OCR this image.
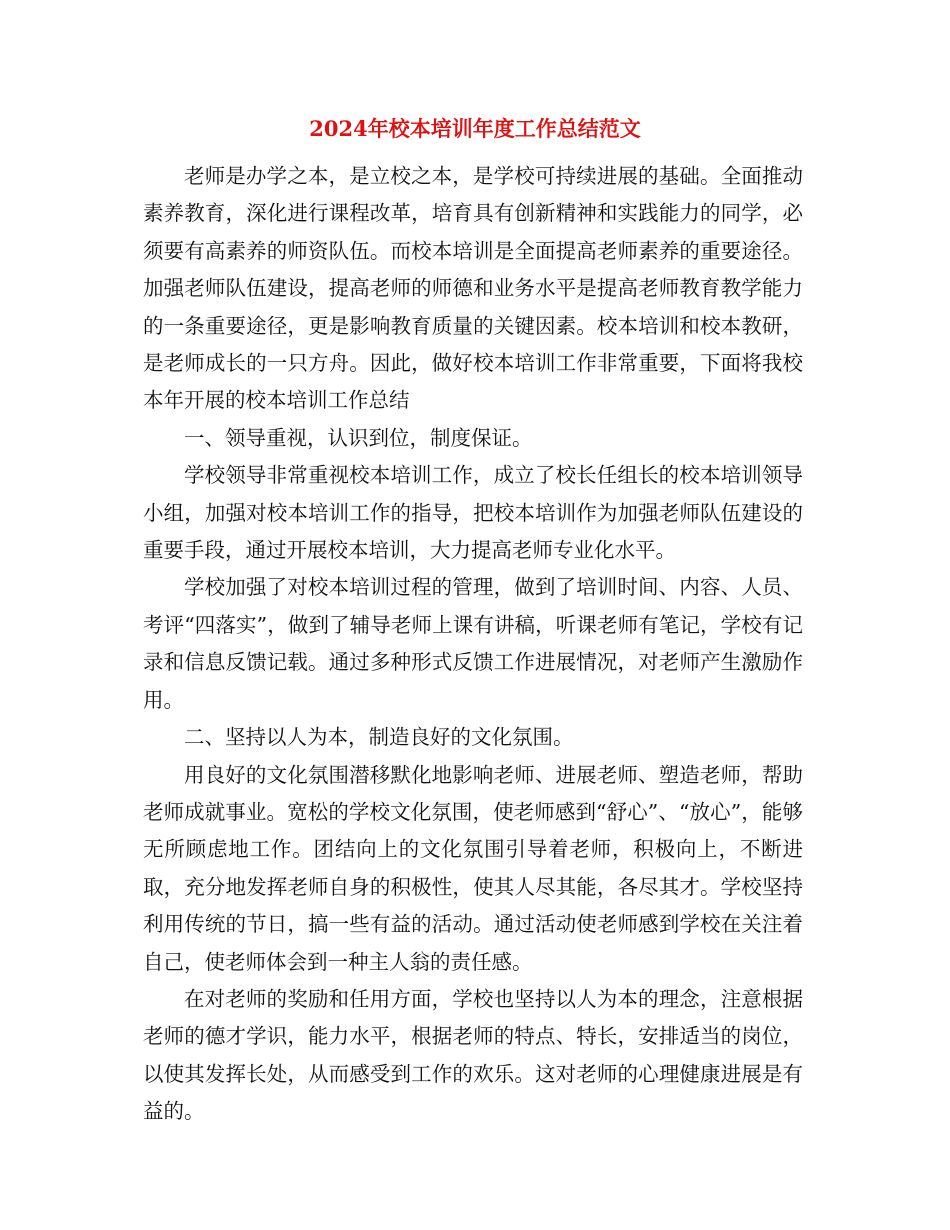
2024年校本培训年度工作总结范文

老师是办学之本，是立校之本，是学校可持续进展的基础。全面推动素养教育，深化进行课程改革，培育具有创新精神和实践能力的同学，必须要有高素养的师资队伍。而校本培训是全面提高老师素养的重要途径。加强老师队伍建设，提高老师的师德和业务水平是提高老师教育教学能力的一条重要途径，更是影响教育质量的关键因素。校本培训和校本教研，是老师成长的一只方舟。因此，做好校本培训工作非常重要，下面将我校本年开展的校本培训工作总结

一、领导重视，认识到位，制度保证。

学校领导非常重视校本培训工作，成立了校长任组长的校本培训领导小组，加强对校本培训工作的指导，把校本培训作为加强老师队伍建设的重要手段，通过开展校本培训，大力提高老师专业化水平。

学校加强了对校本培训过程的管理，做到了培训时间、内容、人员、考评“四落实”，做到了辅导老师上课有讲稿，听课老师有笔记，学校有记录和信息反馈记载。通过多种形式反馈工作进展情况，对老师产生激励作用。

二、坚持以人为本，制造良好的文化氛围。

用良好的文化氛围潜移默化地影响老师、进展老师、塑造老师，帮助老师成就事业。宽松的学校文化氛围，使老师感到“舒心”、“放心”，能够无所顾虑地工作。团结向上的文化氛围引导着老师，积极向上，不断进取，充分地发挥老师自身的积极性，使其人尽其能，各尽其才。学校坚持利用传统的节日，搞一些有益的活动。通过活动使老师感到学校在关注着自己，使老师体会到一种主人翁的责任感。

在对老师的奖励和任用方面，学校也坚持以人为本的理念，注意根据老师的德才学识，能力水平，根据老师的特点、特长，安排适当的岗位，以使其发挥长处，从而感受到工作的欢乐。这对老师的心理健康进展是有益的。
